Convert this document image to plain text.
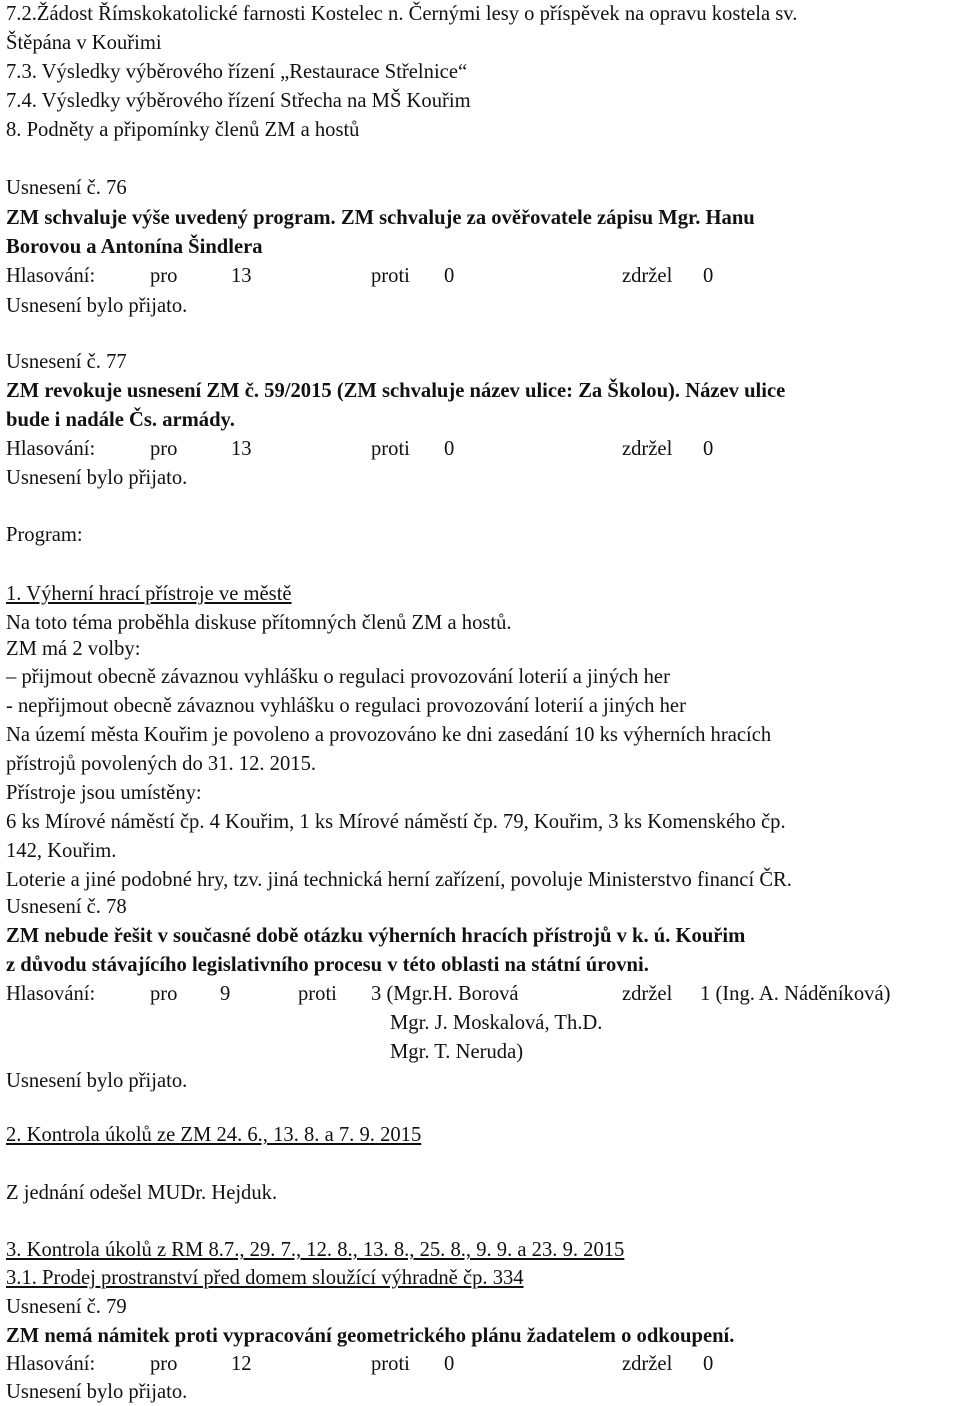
7.2.Žádost Římskokatolické farnosti Kostelec n. Černými lesy o příspěvek na opravu kostela sv.

Štěpána v Kouřimi

7.3. Výsledky výběrového řízení „Restaurace Střelnice“

7.4. Výsledky výběrového řízení Střecha na MŠ Kouřim

8. Podněty a připomínky členů ZM a hostů

Usnesení č. 76

ZM schvaluje výše uvedený program. ZM schvaluje za ověřovatele zápisu Mgr. Hanu

Borovou a Antonína Šindlera

Hlasování:	pro	13	proti 0	zdržel 0

Usnesení bylo přijato.

Usnesení č. 77

ZM revokuje usnesení ZM č. 59/2015 (ZM schvaluje název ulice: Za Školou). Název ulice

bude i nadále Čs. armády.

Hlasování:	pro	13	proti 0	zdržel 0

Usnesení bylo přijato.

Program:

1. Výherní hrací přístroje ve městě

Na toto téma proběhla diskuse přítomných členů ZM a hostů.

ZM má 2 volby:

– přijmout obecně závaznou vyhlášku o regulaci provozování loterií a jiných her

- nepřijmout obecně závaznou vyhlášku o regulaci provozování loterií a jiných her

Na území města Kouřim je povoleno a provozováno ke dni zasedání 10 ks výherních hracích

přístrojů povolených do 31. 12. 2015.

Přístroje jsou umístěny:

6 ks Mírové náměstí čp. 4 Kouřim, 1 ks Mírové náměstí čp. 79, Kouřim, 3 ks Komenského čp.

142, Kouřim.

Loterie a jiné podobné hry, tzv. jiná technická herní zařízení, povoluje Ministerstvo financí ČR.

Usnesení č. 78

ZM nebude řešit v současné době otázku výherních hracích přístrojů v k. ú. Kouřim

z důvodu stávajícího legislativního procesu v této oblasti na státní úrovni.

Hlasování:	pro 9	proti 3 (Mgr.H. Borová	zdržel 1 (Ing. A. Náděníková)

Mgr. J. Moskalová, Th.D.

Mgr. T. Neruda)

Usnesení bylo přijato.

2. Kontrola úkolů ze ZM 24. 6., 13. 8. a 7. 9. 2015

Z jednání odešel MUDr. Hejduk.

3. Kontrola úkolů z RM 8.7., 29. 7., 12. 8., 13. 8., 25. 8., 9. 9. a 23. 9. 2015

3.1. Prodej prostranství před domem sloužící výhradně čp. 334

Usnesení č. 79

ZM nemá námitek proti vypracování geometrického plánu žadatelem o odkoupení.

Hlasování:	pro	12	proti 0	zdržel 0

Usnesení bylo přijato.
